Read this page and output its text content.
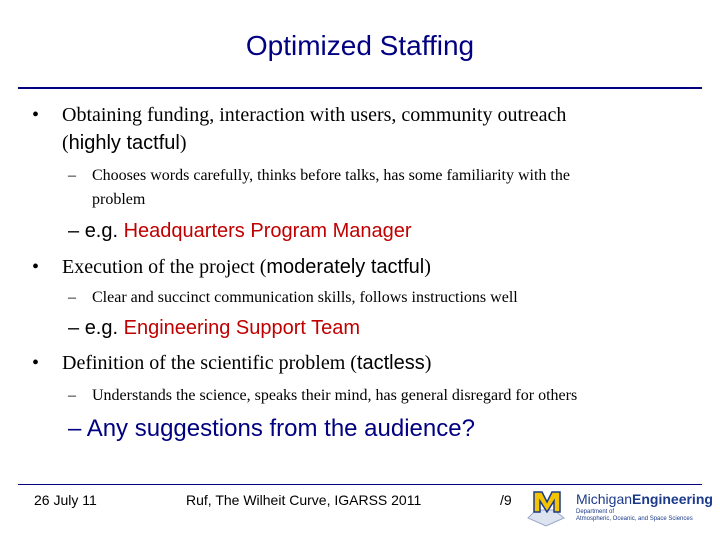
Optimized Staffing
• Obtaining funding, interaction with users, community outreach
(highly tactful)
– Chooses words carefully, thinks before talks, has some familiarity with the
problem
– e.g. Headquarters Program Manager
• Execution of the project (moderately tactful)
– Clear and succinct communication skills, follows instructions well
– e.g. Engineering Support Team
• Definition of the scientific problem (tactless)
– Understands the science, speaks their mind, has general disregard for others
– Any suggestions from the audience?
26 July 11	Ruf, The Wilheit Curve, IGARSS 2011	/9	MichiganEngineering
Department of
Atmospheric, Oceanic, and Space Sciences
